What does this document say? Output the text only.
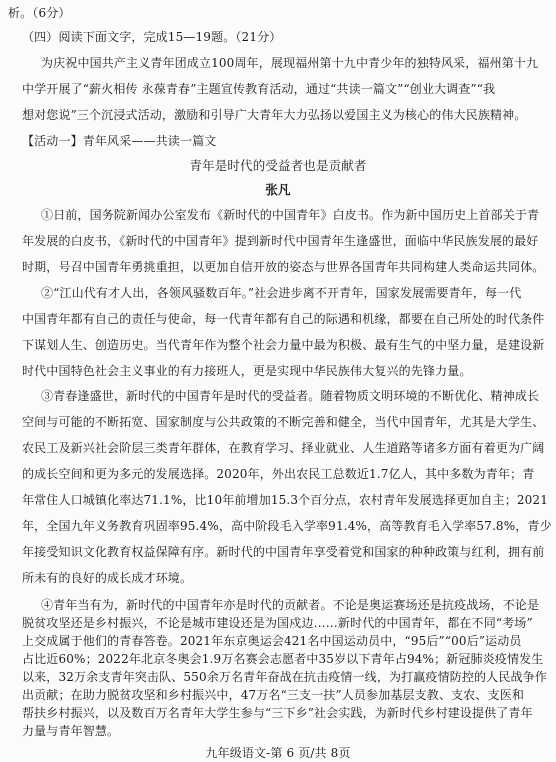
析。（6分）
（四）阅读下面文字，完成15—19题。（21分）
为庆祝中国共产主义青年团成立100周年，展现福州第十九中青少年的独特风采，福州第十九
中学开展了“薪火相传 永葆青春”主题宣传教育活动，通过“共读一篇文”“创业大调查”“我
想对您说”三个沉浸式活动，激励和引导广大青年大力弘扬以爱国主义为核心的伟大民族精神。
【活动一】青年风采——共读一篇文
青年是时代的受益者也是贡献者
张凡
①日前，国务院新闻办公室发布《新时代的中国青年》白皮书。作为新中国历史上首部关于青
年发展的白皮书，《新时代的中国青年》提到新时代中国青年生逢盛世，面临中华民族发展的最好
时期，号召中国青年勇挑重担，以更加自信开放的姿态与世界各国青年共同构建人类命运共同体。
②“江山代有才人出，各领风骚数百年。”社会进步离不开青年，国家发展需要青年，每一代
中国青年都有自己的责任与使命，每一代青年都有自己的际遇和机缘，都要在自己所处的时代条件
下谋划人生、创造历史。当代青年作为整个社会力量中最为积极、最有生气的中坚力量，是建设新
时代中国特色社会主义事业的有力接班人，更是实现中华民族伟大复兴的先锋力量。
③青春逢盛世，新时代的中国青年是时代的受益者。随着物质文明环境的不断优化、精神成长
空间与可能的不断拓宽、国家制度与公共政策的不断完善和健全，当代中国青年，尤其是大学生、
农民工及新兴社会阶层三类青年群体，在教育学习、择业就业、人生道路等诸多方面有着更为广阔
的成长空间和更为多元的发展选择。2020年，外出农民工总数近1.7亿人，其中多数为青年；青
年常住人口城镇化率达71.1%，比10年前增加15.3个百分点，农村青年发展选择更加自主；2021
年，全国九年义务教育巩固率95.4%，高中阶段毛入学率91.4%，高等教育毛入学率57.8%，青少
年接受知识文化教育权益保障有序。新时代的中国青年享受着党和国家的种种政策与红利，拥有前
所未有的良好的成长成才环境。
④青年当有为，新时代的中国青年亦是时代的贡献者。不论是奥运赛场还是抗疫战场，不论是
脱贫攻坚还是乡村振兴，不论是城市建设还是为国戍边……新时代的中国青年，都在不同“考场”
上交成属于他们的青春答卷。2021年东京奥运会421名中国运动员中，“95后”“00后”运动员
占比近60%；2022年北京冬奥会1.9万名赛会志愿者中35岁以下青年占94%；新冠肺炎疫情发生
以来，32万余支青年突击队、550余万名青年奋战在抗击疫情一线，为打赢疫情防控的人民战争作
出贡献；在助力脱贫攻坚和乡村振兴中，47万名“三支一扶”人员参加基层支教、支农、支医和
帮扶乡村振兴，以及数百万名青年大学生参与“三下乡”社会实践，为新时代乡村建设提供了青年
力量与青年智慧。
九年级语文-第 6 页/共 8页
